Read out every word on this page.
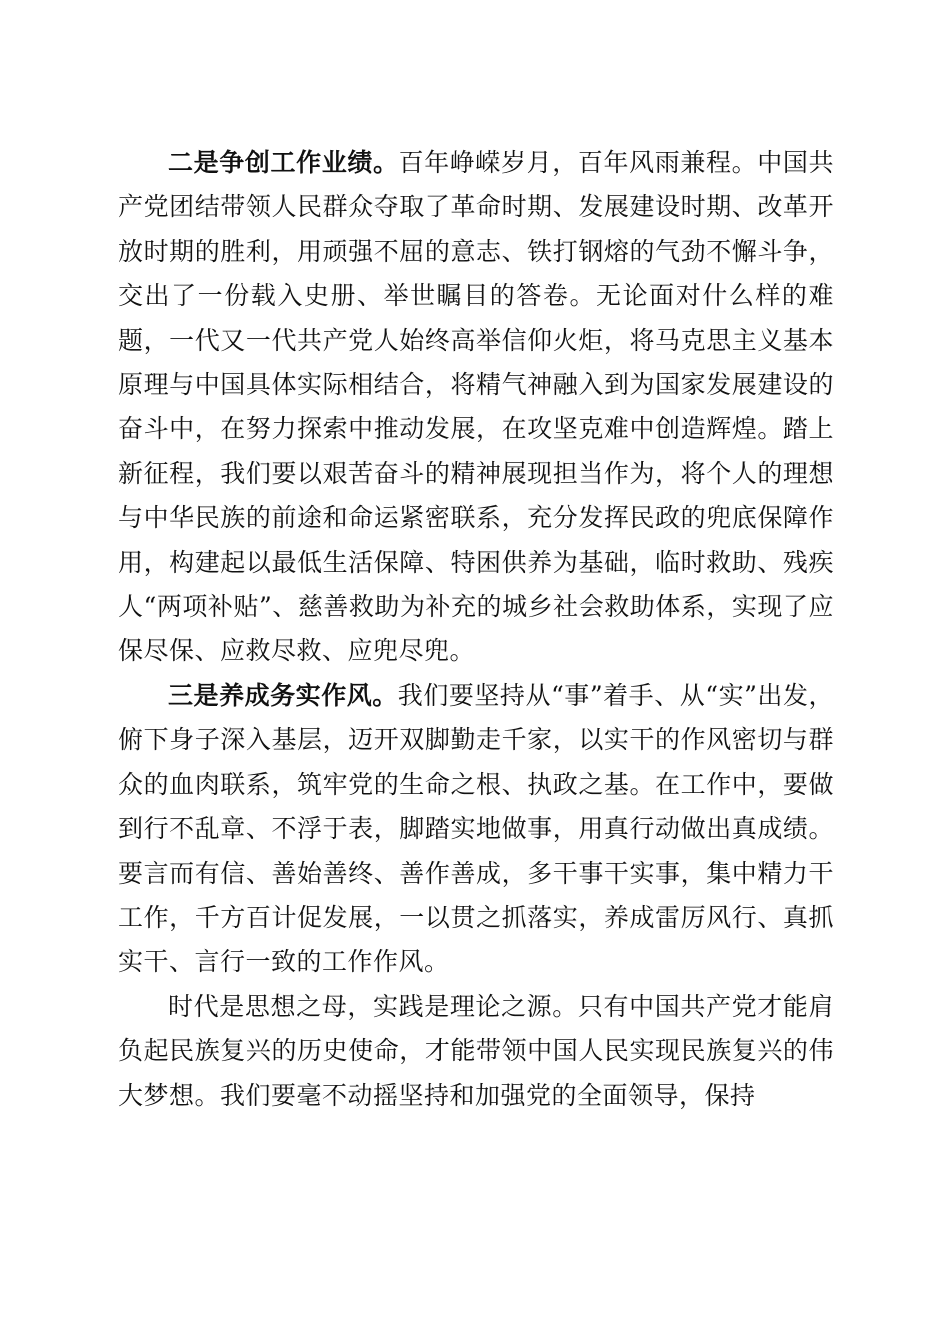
二是争创工作业绩。百年峥嵘岁月，百年风雨兼程。中国共产党团结带领人民群众夺取了革命时期、发展建设时期、改革开放时期的胜利，用顽强不屈的意志、铁打钢熔的气劲不懈斗争，交出了一份载入史册、举世瞩目的答卷。无论面对什么样的难题，一代又一代共产党人始终高举信仰火炬，将马克思主义基本原理与中国具体实际相结合，将精气神融入到为国家发展建设的奋斗中，在努力探索中推动发展，在攻坚克难中创造辉煌。踏上新征程，我们要以艰苦奋斗的精神展现担当作为，将个人的理想与中华民族的前途和命运紧密联系，充分发挥民政的兜底保障作用，构建起以最低生活保障、特困供养为基础，临时救助、残疾人“两项补贴”、慈善救助为补充的城乡社会救助体系，实现了应保尽保、应救尽救、应兜尽兜。

三是养成务实作风。我们要坚持从“事”着手、从“实”出发，俯下身子深入基层，迈开双脚勤走千家，以实干的作风密切与群众的血肉联系，筑牢党的生命之根、执政之基。在工作中，要做到行不乱章、不浮于表，脚踏实地做事，用真行动做出真成绩。要言而有信、善始善终、善作善成，多干事干实事，集中精力干工作，千方百计促发展，一以贯之抓落实，养成雷厉风行、真抓实干、言行一致的工作作风。

时代是思想之母，实践是理论之源。只有中国共产党才能肩负起民族复兴的历史使命，才能带领中国人民实现民族复兴的伟大梦想。我们要毫不动摇坚持和加强党的全面领导，保持
